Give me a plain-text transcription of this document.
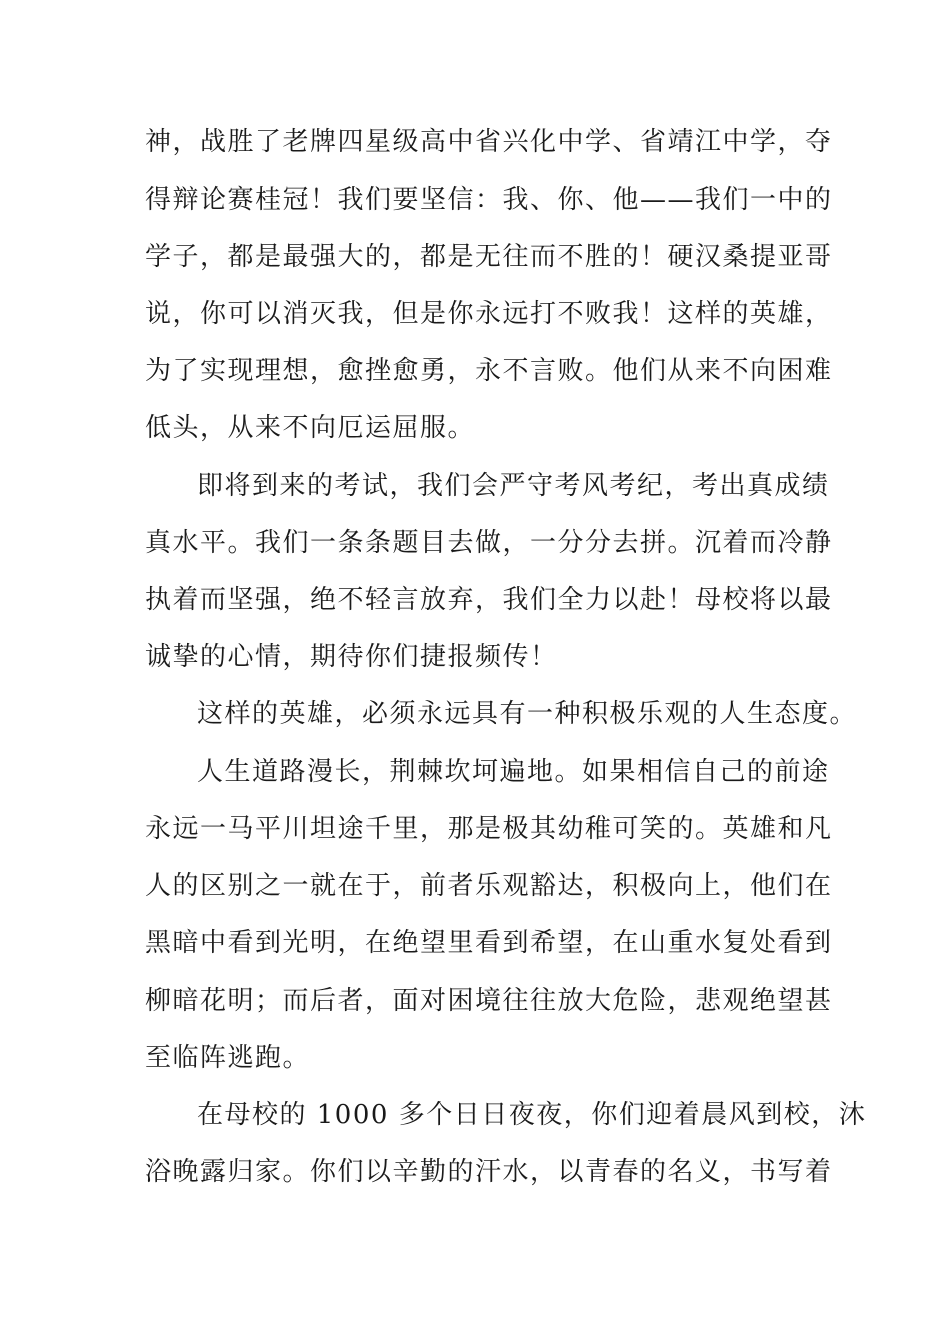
神，战胜了老牌四星级高中省兴化中学、省靖江中学，夺
得辩论赛桂冠！我们要坚信：我、你、他——我们一中的
学子，都是最强大的，都是无往而不胜的！硬汉桑提亚哥
说，你可以消灭我，但是你永远打不败我！这样的英雄，
为了实现理想，愈挫愈勇，永不言败。他们从来不向困难
低头，从来不向厄运屈服。
即将到来的考试，我们会严守考风考纪，考出真成绩
真水平。我们一条条题目去做，一分分去拼。沉着而冷静
执着而坚强，绝不轻言放弃，我们全力以赴！母校将以最
诚挚的心情，期待你们捷报频传！
这样的英雄，必须永远具有一种积极乐观的人生态度。
人生道路漫长，荆棘坎坷遍地。如果相信自己的前途
永远一马平川坦途千里，那是极其幼稚可笑的。英雄和凡
人的区别之一就在于，前者乐观豁达，积极向上，他们在
黑暗中看到光明，在绝望里看到希望，在山重水复处看到
柳暗花明；而后者，面对困境往往放大危险，悲观绝望甚
至临阵逃跑。
在母校的 1000 多个日日夜夜，你们迎着晨风到校，沐
浴晚露归家。你们以辛勤的汗水，以青春的名义，书写着
